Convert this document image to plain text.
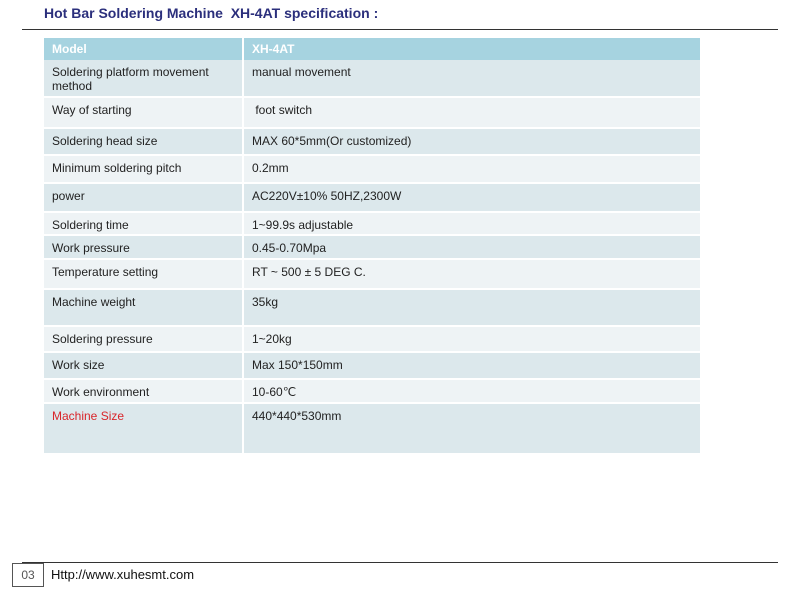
Hot Bar Soldering Machine  XH-4AT specification :
Model	XH-4AT
Soldering platform movement method	manual movement
Way of starting	foot switch
Soldering head size	MAX 60*5mm(Or customized)
Minimum soldering pitch	0.2mm
power	AC220V±10% 50HZ,2300W
Soldering time	1~99.9s adjustable
Work pressure	0.45-0.70Mpa
Temperature setting	RT ~ 500 ± 5 DEG C.
Machine weight	35kg
Soldering pressure	1~20kg
Work size	Max 150*150mm
Work environment	10-60℃
Machine Size	440*440*530mm
03	Http://www.xuhesmt.com
